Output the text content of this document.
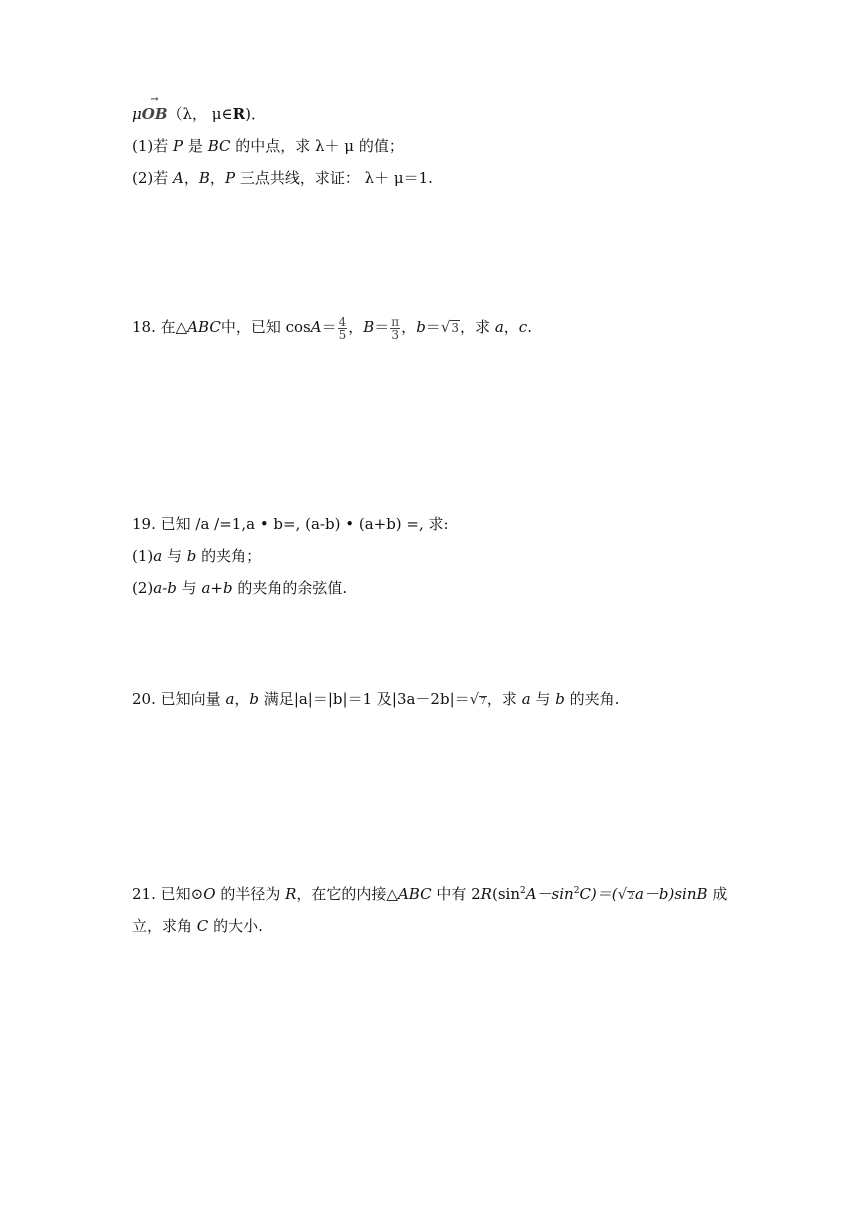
μ
→
OB（λ， μ∈R)．
(1)若 P 是 BC 的中点，求 λ＋ μ 的值；
(2)若 A，B，P 三点共线，求证： λ＋ μ＝1.
18. 在△ABC中，已知 $\cos A= \frac{4}{5}$ ，$B= \frac{\pi}{3}$ ，b＝√3，求 a，c.
19. 已知 /a /=1,a • b=, (a-b) • (a+b) =, 求:
(1)a 与 b 的夹角；
(2)a-b 与 a+b 的夹角的余弦值.
20. 已知向量 a，b 满足|a|＝|b|＝1 及|3a－2b|＝√7，求 a 与 b 的夹角.
21. 已知⊙O 的半径为 R，在它的内接△ABC 中有 $2R(\sin^2A-\sin^2C)=(√2a-b)\sin B$ 成
立，求角 C 的大小.
